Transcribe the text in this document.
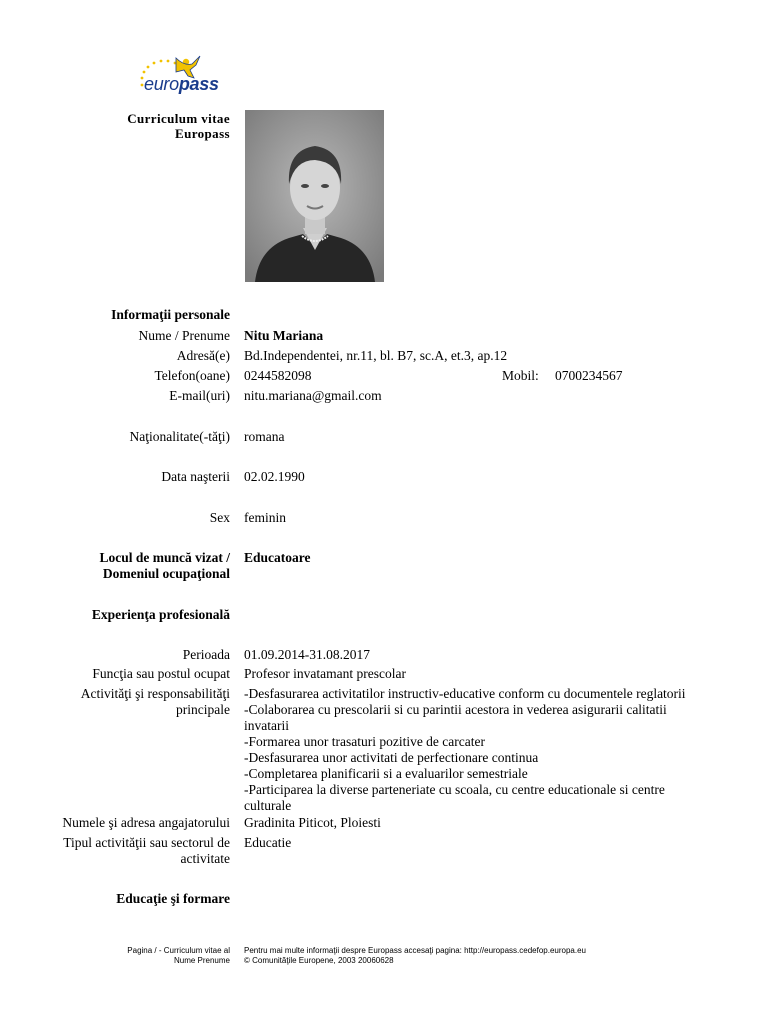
europass
Curriculum vitae
Europass
Informaţii personale
Nume / Prenume Nitu Mariana
Adresă(e) Bd.Independentei, nr.11, bl. B7, sc.A, et.3, ap.12
Telefon(oane) 0244582098	Mobil: 0700234567
E-mail(uri) nitu.mariana@gmail.com
Naţionalitate(-tăţi) romana
Data naşterii 02.02.1990
Sex feminin
Locul de muncă vizat /
Domeniul ocupaţional
Educatoare
Experienţa profesională
Perioada 01.09.2014-31.08.2017
Funcţia sau postul ocupat Profesor invatamant prescolar
Activităţi şi responsabilităţi
principale
-Desfasurarea activitatilor instructiv-educative conform cu documentele reglatorii
-Colaborarea cu prescolarii si cu parintii acestora in vederea asigurarii calitatii
invatarii
-Formarea unor trasaturi pozitive de carcater
-Desfasurarea unor activitati de perfectionare continua
-Completarea planificarii si a evaluarilor semestriale
-Participarea la diverse parteneriate cu scoala, cu centre educationale si centre
culturale
Numele şi adresa angajatorului Gradinita Piticot, Ploiesti
Tipul activităţii sau sectorul de
activitate
Educatie
Educaţie şi formare
Pagina / - Curriculum vitae al
Nume Prenume
Pentru mai multe informaţii despre Europass accesaţi pagina: http://europass.cedefop.europa.eu
© Comunităţile Europene, 2003 20060628
